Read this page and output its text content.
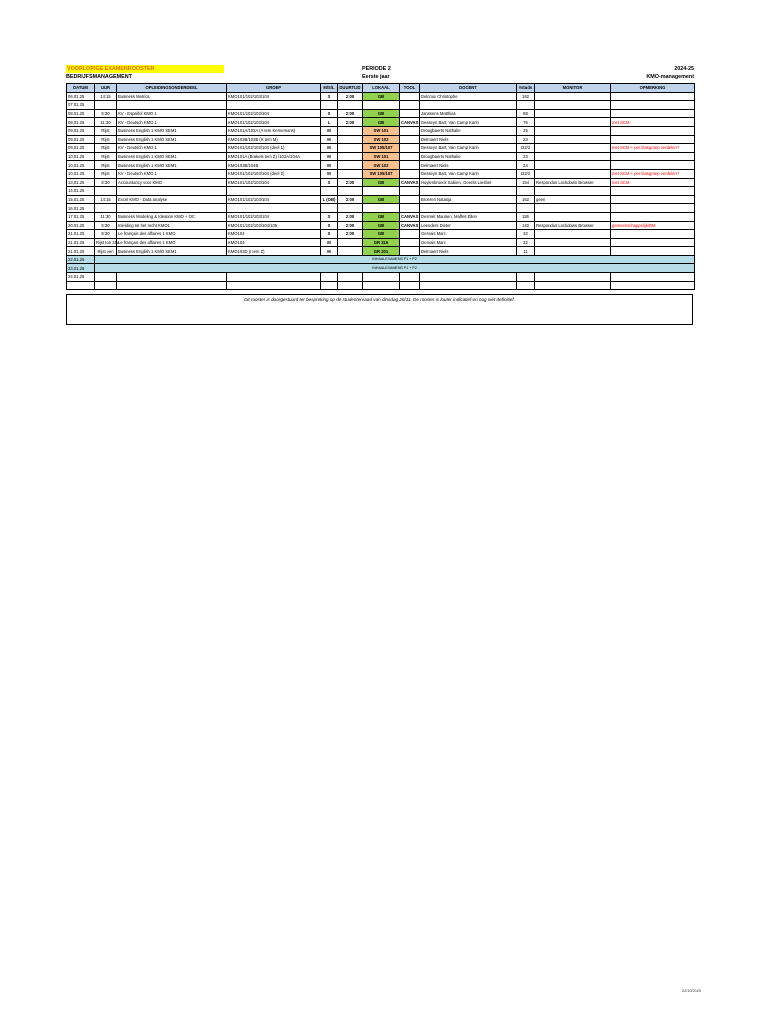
VOORLOPIGE EXAMENROOSTER
BEDRIJFSMANAGEMENT
PERIODE 2
Eerste jaar
2024-25
KMO-management
DATUM	UUR	OPLEIDINGSONDERDEEL	GROEP	M/S/L	DUURTIJD	LOKAAL	TOOL	DOCENT	#studs	MONITOR	OPMERKING
06.01.25	14:15	Business Metrics	KMO101/102/103/104	S	2:00	GB		Delcroix Christophe	162		
07.01.25											
08.01.25	8:30	KV - Español KMO 1	KMO101/102/103/104	S	2:00	GB		Janssens Matthias	88		
08.01.25	11:30	KV - Deutsch KMO 1	KMO101/102/103/104	L	2:00	GB	CANVAS	Desseyn Bart, Van Camp Karin	76		met SCM
09.01.25	Rijst	Business English 1 KMO SEM1	KMO101A/102A (A tem Kernemans)	M		SW 101		Droogbaerts Nathalie	25		
09.01.25	Rijst	Business English 1 KMO SEM1	KMO103B/103B (K tem M)	M		SW 102		Delmaert Niels	23		
09.01.25	Rijst	KV - Deutsch KMO 1	KMO101/102/103/104 (deel 1)	M		SW 105/107		Desseyn Bart, Van Camp Karin	t32/2		met SCM + per klasgroep verdelen?
10.01.25	Rijst	Business English 1 KMO SEM1	KMO101A (Brakels tem Z) /103A/104A	M		SW 101		Droogbaerts Nathalie	23		
10.01.25	Rijst	Business English 1 KMO SEM1	KMO103B/104B	M		SW 102		Delmaert Niels	24		
10.01.25	Rijst	KV - Deutsch KMO 1	KMO101/102/103/104 (deel 2)	M		SW 105/107		Desseyn Bart, Van Camp Karin	t32/2		met SCM + per klasgroep verdelen?
13.01.25	8:30	Accountancy voor KMO	KMO101/102/103/104	S	2:00	GB	CANVAS	Huylenbroeck Sabien, Geerits Liesbet	154	Respondus Lockdown Browser	met SCM
14.01.25											
15.01.25	14:15	Excel KMO - Data analyse	KMO101/102/103/104	L (OB)	2:00	GB		Broeren Natasja	162	geen	
16.01.25											
17.01.25	11:30	Business Modeling & Ideation KMO + OC	KMO101/102/103/104	S	2:00	GB	CANVAS	Desmet Maurien, Maffeit Ellen	155		
20.01.25	8:30	Inleiding tot het recht KMO1	KMO101/102/103/104/105	S	2:00	GB	CANVAS	Leenders Dieter	140	Respondus Lockdown Browser	gemeenschappelijk/DM
21.01.25	8:30	Le français des affaires 1 KMO	KMO104	S	2:00	GB		Gervais Marc	32		
21.01.25	Rijst ton 31a	Le français des affaires 1 KMO	KMO104	M		GR 316		Gervais Marc	32		
21.01.25	Rijst ven	Business English 1 KMO SEM1	KMO103D (I tem Z)	M		GR 201		Delmaert Niels	11		
22.01.25	INHAALEXAMENS P1 + P2										
23.01.25	INHAALEXAMENS P1 + P2										
24.01.25											

Dit rooster is doorgestuurd ter bespreking op de studentenraad van dinsdag 26/11. De rooster is louter indicatief en nog niet definitief.
02/10/2025
